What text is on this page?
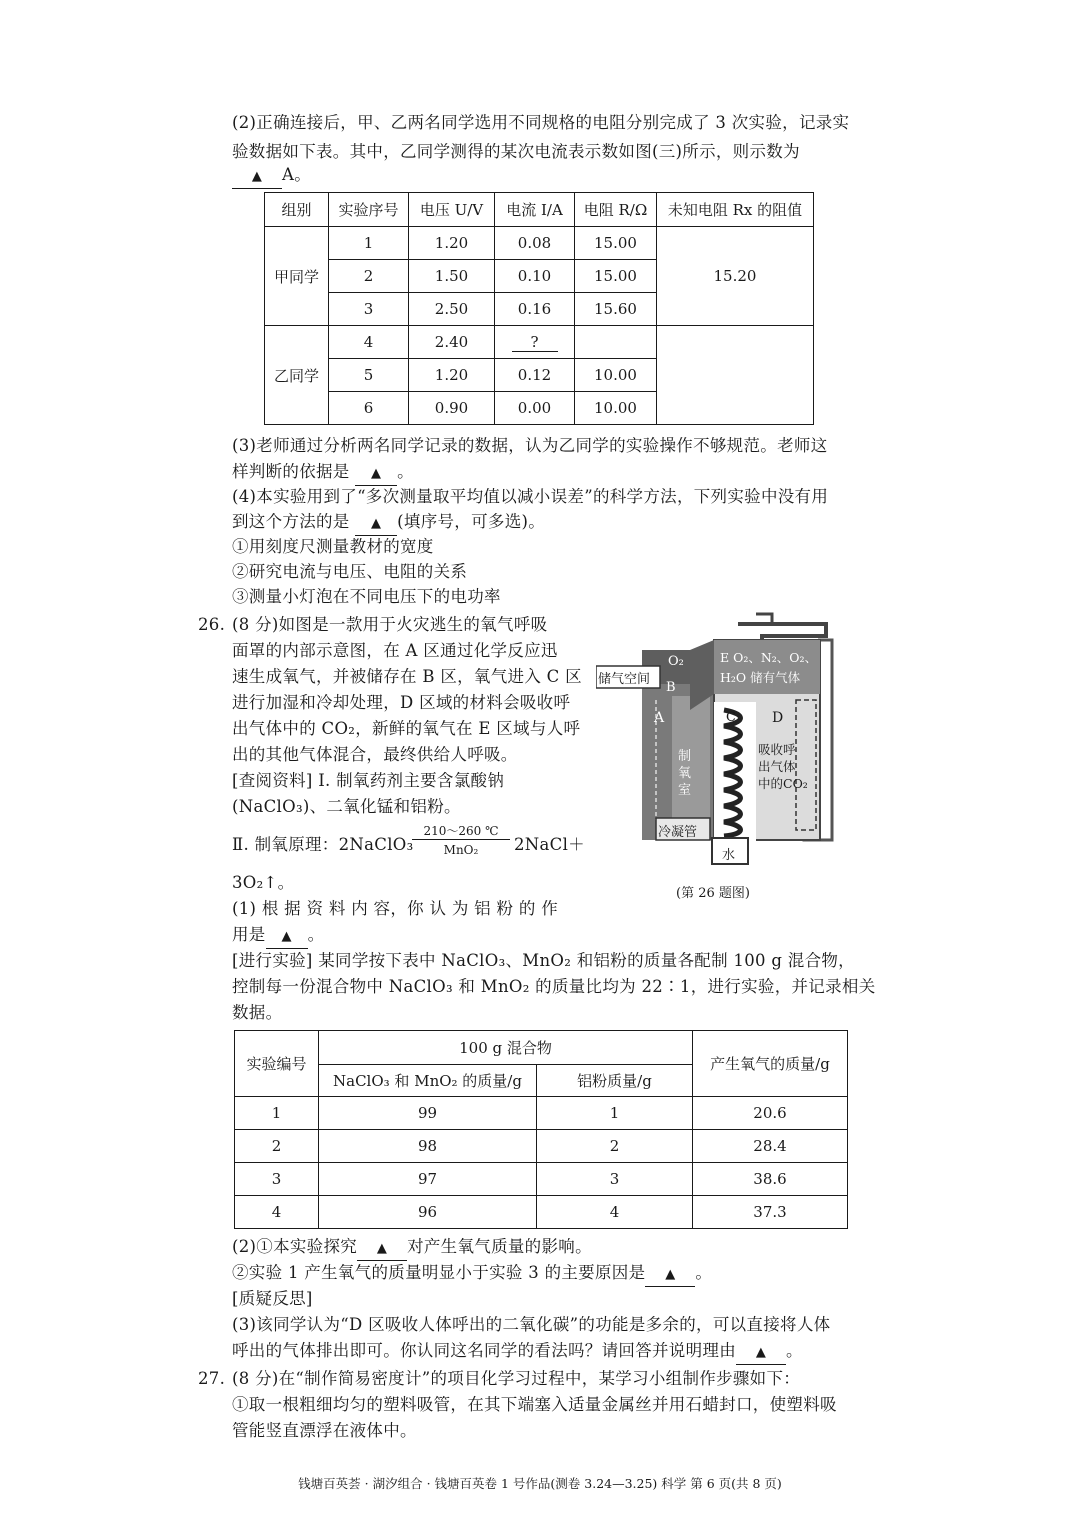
(2)正确连接后，甲、乙两名同学选用不同规格的电阻分别完成了 3 次实验，记录实
验数据如下表。其中，乙同学测得的某次电流表示数如图(三)所示，则示数为
▲ A。
组别	实验序号	电压 U/V	电流 I/A	电阻 R/Ω	未知电阻 Rx 的阻值
甲同学	1	1.20	0.08	15.00	15.20
	2	1.50	0.10	15.00	
	3	2.50	0.16	15.60	
乙同学	4	2.40	?		
	5	1.20	0.12	10.00	
	6	0.90	0.00	10.00	
(3)老师通过分析两名同学记录的数据，认为乙同学的实验操作不够规范。老师这
样判断的依据是 ▲ 。
(4)本实验用到了“多次测量取平均值以减小误差”的科学方法，下列实验中没有用
到这个方法的是 ▲ (填序号，可多选)。
①用刻度尺测量教材的宽度
②研究电流与电压、电阻的关系
③测量小灯泡在不同电压下的电功率
26. (8 分)如图是一款用于火灾逃生的氧气呼吸
面罩的内部示意图，在 A 区通过化学反应迅
速生成氧气，并被储存在 B 区，氧气进入 C 区
进行加湿和冷却处理，D 区域的材料会吸收呼
出气体中的 CO₂，新鲜的氧气在 E 区域与人呼
出的其他气体混合，最终供给人呼吸。
[查阅资料] Ⅰ. 制氧药剂主要含氯酸钠
(NaClO₃)、二氧化锰和铝粉。
Ⅱ. 制氧原理：2NaClO₃
210～260 ℃
MnO₂	2NaCl＋
3O₂↑。
(1) 根 据 资 料 内 容，你 认 为 铝 粉 的 作
用是 ▲ 。
储气空间
O₂
B
A
制氧室
C
冷凝管
水
E O₂、N₂、O₂、
H₂O 储有气体
D
吸收呼
出气体
中的CO₂
(第 26 题图)
[进行实验] 某同学按下表中 NaClO₃、MnO₂ 和铝粉的质量各配制 100 g 混合物，
控制每一份混合物中 NaClO₃ 和 MnO₂ 的质量比均为 22∶1，进行实验，并记录相关
数据。
实验编号	100 g 混合物		产生氧气的质量/g
	NaClO₃ 和 MnO₂ 的质量/g	铝粉质量/g	
1	99	1	20.6
2	98	2	28.4
3	97	3	38.6
4	96	4	37.3
(2)①本实验探究 ▲ 对产生氧气质量的影响。
②实验 1 产生氧气的质量明显小于实验 3 的主要原因是 ▲ 。
[质疑反思]
(3)该同学认为“D 区吸收人体呼出的二氧化碳”的功能是多余的，可以直接将人体
呼出的气体排出即可。你认同这名同学的看法吗？请回答并说明理由 ▲ 。
27. (8 分)在“制作简易密度计”的项目化学习过程中，某学习小组制作步骤如下：
①取一根粗细均匀的塑料吸管，在其下端塞入适量金属丝并用石蜡封口，使塑料吸
管能竖直漂浮在液体中。
钱塘百英荟 · 湖汐组合 · 钱塘百英卷 1 号作品(测卷 3.24—3.25) 科学 第 6 页(共 8 页)
